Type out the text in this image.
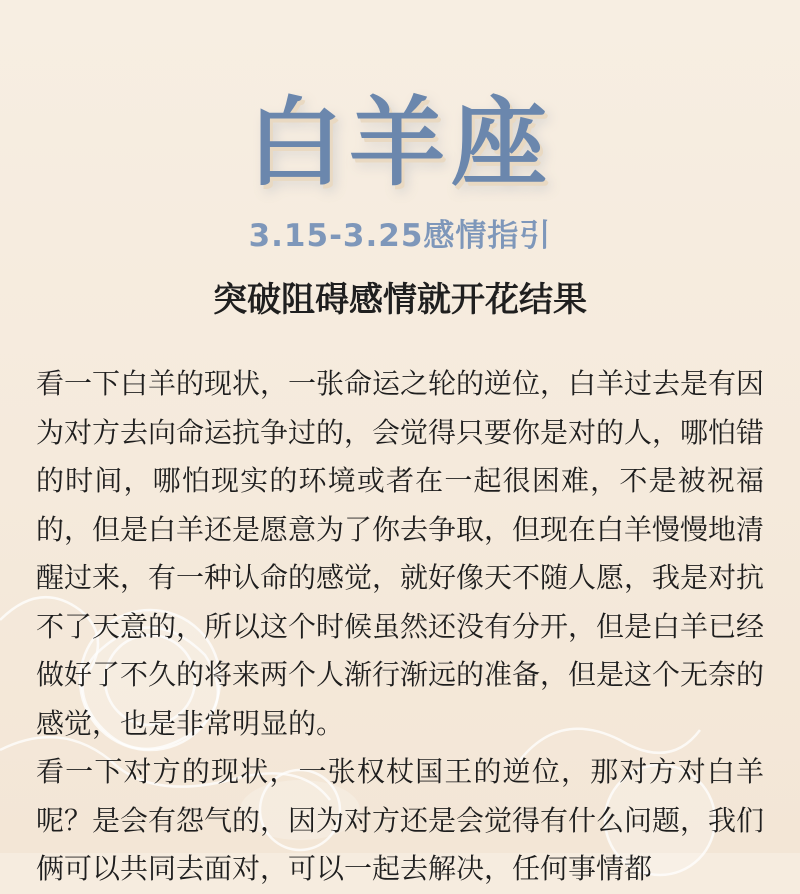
白羊座
3.15-3.25感情指引
突破阻碍感情就开花结果

看一下白羊的现状，一张命运之轮的逆位，白羊过去是有因为对方去向命运抗争过的，会觉得只要你是对的人，哪怕错的时间，哪怕现实的环境或者在一起很困难，不是被祝福的，但是白羊还是愿意为了你去争取，但现在白羊慢慢地清醒过来，有一种认命的感觉，就好像天不随人愿，我是对抗不了天意的，所以这个时候虽然还没有分开，但是白羊已经做好了不久的将来两个人渐行渐远的准备，但是这个无奈的感觉，也是非常明显的。

看一下对方的现状，一张权杖国王的逆位，那对方对白羊呢？是会有怨气的，因为对方还是会觉得有什么问题，我们俩可以共同去面对，可以一起去解决，任何事情都
